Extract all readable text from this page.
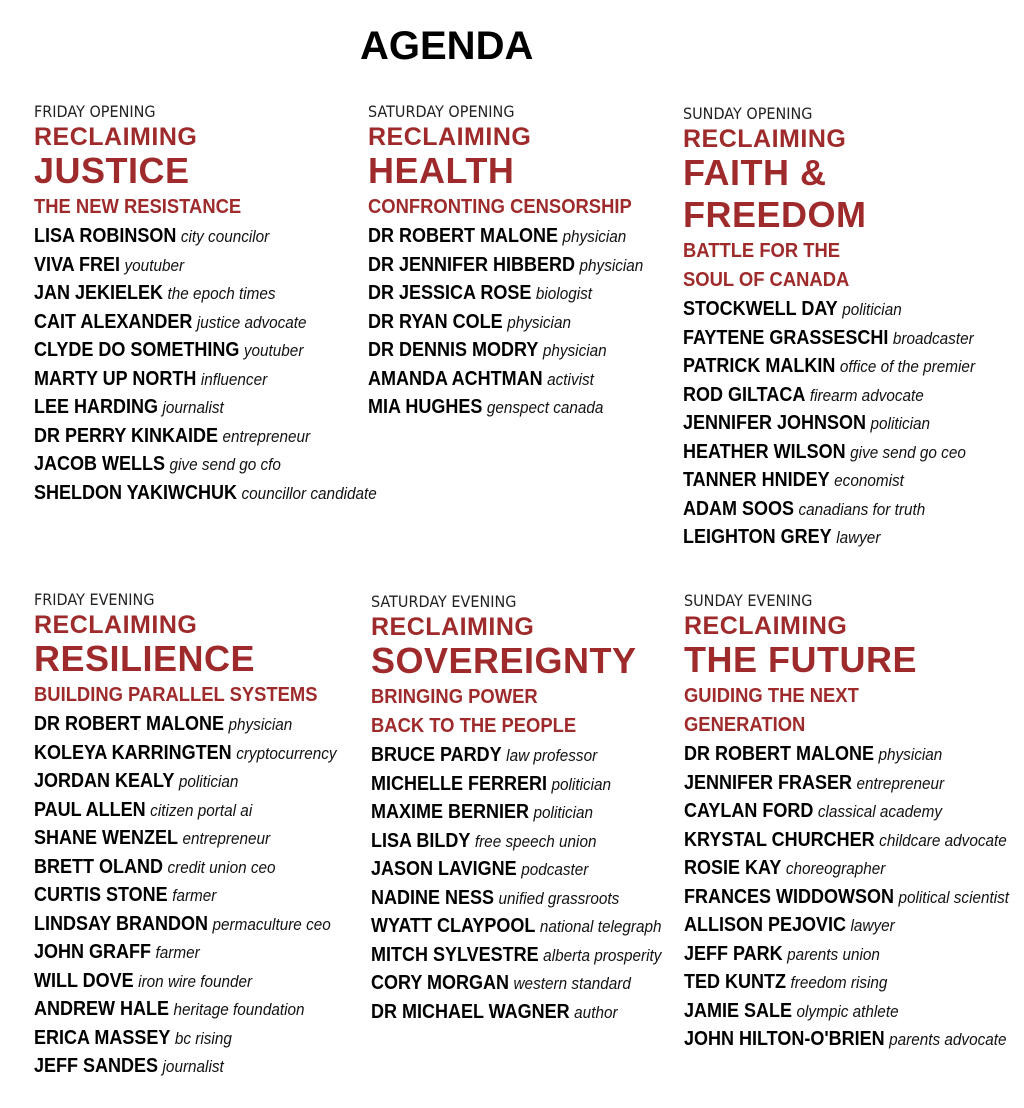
AGENDA
FRIDAY OPENING
RECLAIMING
JUSTICE
THE NEW RESISTANCE
LISA ROBINSON city councilor
VIVA FREI youtuber
JAN JEKIELEK the epoch times
CAIT ALEXANDER justice advocate
CLYDE DO SOMETHING youtuber
MARTY UP NORTH influencer
LEE HARDING journalist
DR PERRY KINKAIDE entrepreneur
JACOB WELLS give send go cfo
SHELDON YAKIWCHUK councillor candidate
SATURDAY OPENING
RECLAIMING
HEALTH
CONFRONTING CENSORSHIP
DR ROBERT MALONE physician
DR JENNIFER HIBBERD physician
DR JESSICA ROSE biologist
DR RYAN COLE physician
DR DENNIS MODRY physician
AMANDA ACHTMAN activist
MIA HUGHES genspect canada
SUNDAY OPENING
RECLAIMING
FAITH &
FREEDOM
BATTLE FOR THE
SOUL OF CANADA
STOCKWELL DAY politician
FAYTENE GRASSESCHI broadcaster
PATRICK MALKIN office of the premier
ROD GILTACA firearm advocate
JENNIFER JOHNSON politician
HEATHER WILSON give send go ceo
TANNER HNIDEY economist
ADAM SOOS canadians for truth
LEIGHTON GREY lawyer
FRIDAY EVENING
RECLAIMING
RESILIENCE
BUILDING PARALLEL SYSTEMS
DR ROBERT MALONE physician
KOLEYA KARRINGTEN cryptocurrency
JORDAN KEALY politician
PAUL ALLEN citizen portal ai
SHANE WENZEL entrepreneur
BRETT OLAND credit union ceo
CURTIS STONE farmer
LINDSAY BRANDON permaculture ceo
JOHN GRAFF farmer
WILL DOVE iron wire founder
ANDREW HALE heritage foundation
ERICA MASSEY bc rising
JEFF SANDES journalist
SATURDAY EVENING
RECLAIMING
SOVEREIGNTY
BRINGING POWER
BACK TO THE PEOPLE
BRUCE PARDY law professor
MICHELLE FERRERI politician
MAXIME BERNIER politician
LISA BILDY free speech union
JASON LAVIGNE podcaster
NADINE NESS unified grassroots
WYATT CLAYPOOL national telegraph
MITCH SYLVESTRE alberta prosperity
CORY MORGAN western standard
DR MICHAEL WAGNER author
SUNDAY EVENING
RECLAIMING
THE FUTURE
GUIDING THE NEXT
GENERATION
DR ROBERT MALONE physician
JENNIFER FRASER entrepreneur
CAYLAN FORD classical academy
KRYSTAL CHURCHER childcare advocate
ROSIE KAY choreographer
FRANCES WIDDOWSON political scientist
ALLISON PEJOVIC lawyer
JEFF PARK parents union
TED KUNTZ freedom rising
JAMIE SALE olympic athlete
JOHN HILTON-O'BRIEN parents advocate
